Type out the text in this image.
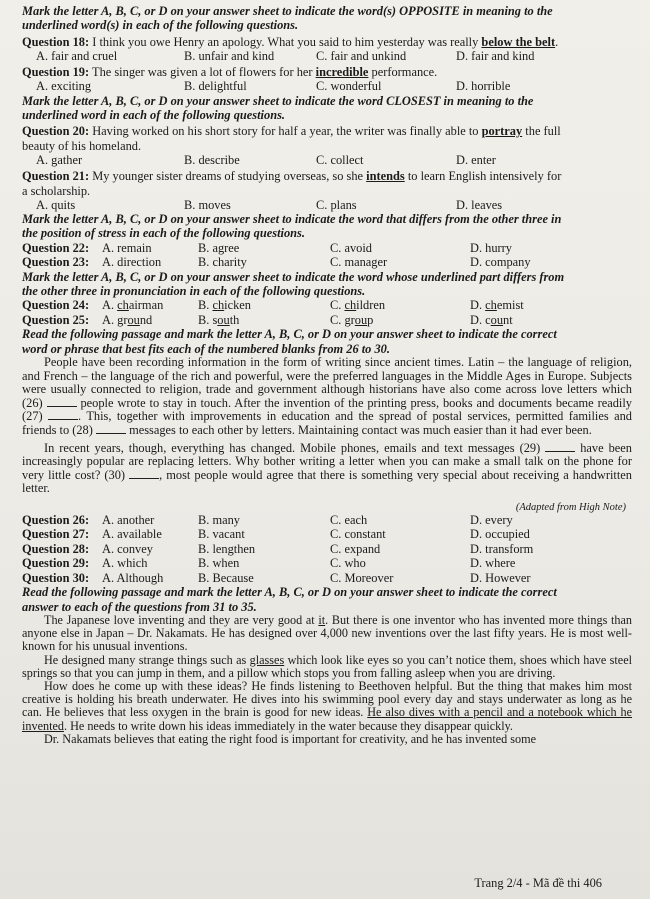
Mark the letter A, B, C, or D on your answer sheet to indicate the word(s) OPPOSITE in meaning to the
underlined word(s) in each of the following questions.
Question 18: I think you owe Henry an apology. What you said to him yesterday was really below the belt.
A. fair and cruel	B. unfair and kind	C. fair and unkind	D. fair and kind
Question 19: The singer was given a lot of flowers for her incredible performance.
A. exciting	B. delightful	C. wonderful	D. horrible
Mark the letter A, B, C, or D on your answer sheet to indicate the word CLOSEST in meaning to the
underlined word in each of the following questions.
Question 20: Having worked on his short story for half a year, the writer was finally able to portray the full
beauty of his homeland.
A. gather	B. describe	C. collect	D. enter
Question 21: My younger sister dreams of studying overseas, so she intends to learn English intensively for
a scholarship.
A. quits	B. moves	C. plans	D. leaves
Mark the letter A, B, C, or D on your answer sheet to indicate the word that differs from the other three in
the position of stress in each of the following questions.
Question 22:	A. remain	B. agree	C. avoid	D. hurry
Question 23:	A. direction	B. charity	C. manager	D. company
Mark the letter A, B, C, or D on your answer sheet to indicate the word whose underlined part differs from
the other three in pronunciation in each of the following questions.
Question 24:	A. chairman	B. chicken	C. children	D. chemist
Question 25:	A. ground	B. south	C. group	D. count
Read the following passage and mark the letter A, B, C, or D on your answer sheet to indicate the correct
word or phrase that best fits each of the numbered blanks from 26 to 30.

People have been recording information in the form of writing since ancient times. Latin – the language of religion, and French – the language of the rich and powerful, were the preferred languages in the Middle Ages in Europe. Subjects were usually connected to religion, trade and government although historians have also come across love letters which (26)  people wrote to stay in touch. After the invention of the printing press, books and documents became readily (27) . This, together with improvements in education and the spread of postal services, permitted families and friends to (28)  messages to each other by letters. Maintaining contact was much easier than it had ever been.

In recent years, though, everything has changed. Mobile phones, emails and text messages (29)  have been increasingly popular are replacing letters. Why bother writing a letter when you can make a small talk on the phone for very little cost? (30) , most people would agree that there is something very special about receiving a handwritten letter.

(Adapted from High Note)
Question 26:	A. another	B. many	C. each	D. every
Question 27:	A. available	B. vacant	C. constant	D. occupied
Question 28:	A. convey	B. lengthen	C. expand	D. transform
Question 29:	A. which	B. when	C. who	D. where
Question 30:	A. Although	B. Because	C. Moreover	D. However
Read the following passage and mark the letter A, B, C, or D on your answer sheet to indicate the correct
answer to each of the questions from 31 to 35.

The Japanese love inventing and they are very good at it. But there is one inventor who has invented more things than anyone else in Japan – Dr. Nakamats. He has designed over 4,000 new inventions over the last fifty years. He is most well-known for his unusual inventions.

He designed many strange things such as glasses which look like eyes so you can’t notice them, shoes which have steel springs so that you can jump in them, and a pillow which stops you from falling asleep when you are driving.

How does he come up with these ideas? He finds listening to Beethoven helpful. But the thing that makes him most creative is holding his breath underwater. He dives into his swimming pool every day and stays underwater as long as he can. He believes that less oxygen in the brain is good for new ideas. He also dives with a pencil and a notebook which he invented. He needs to write down his ideas immediately in the water because they disappear quickly.

Dr. Nakamats believes that eating the right food is important for creativity, and he has invented some

Trang 2/4 - Mã đề thi 406
